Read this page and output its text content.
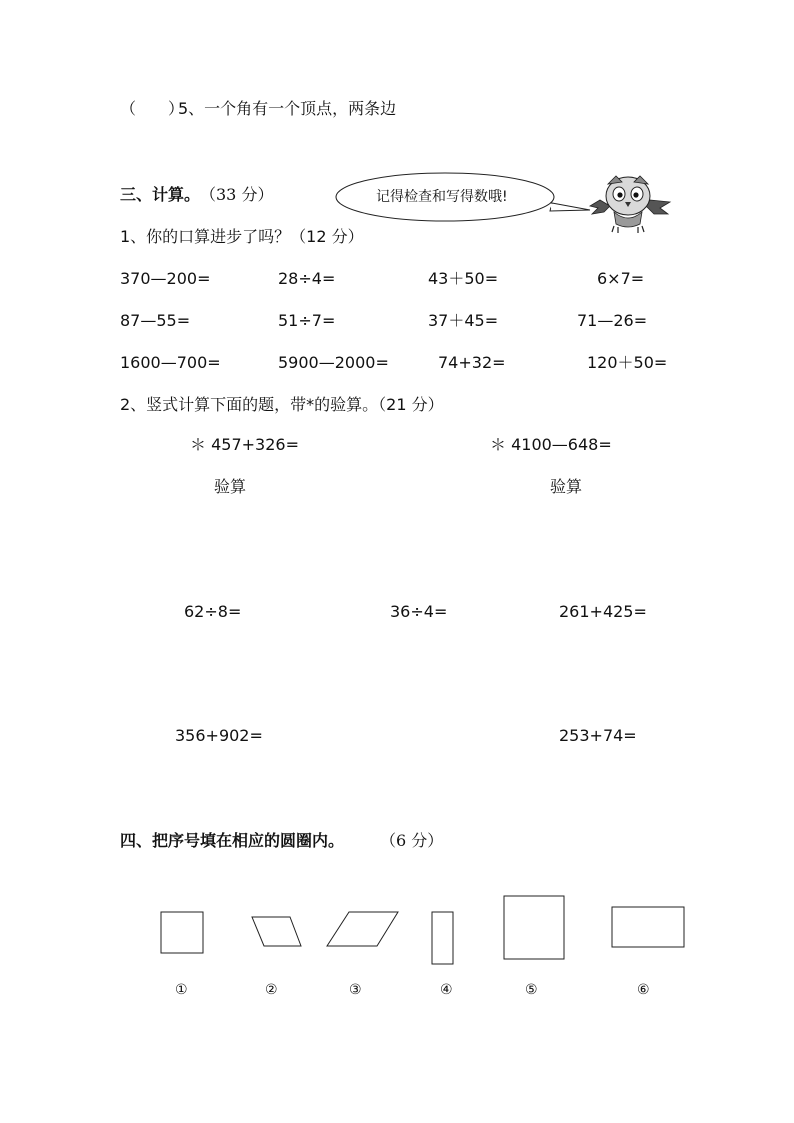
（　　）
5、一个角有一个顶点，两条边
三、计算。 （33 分）	记得检查和写得数哦!
1、你的口算进步了吗？（12 分）
370—200=	28÷4=	43＋50=	6×7=
87—55=	51÷7=	37＋45=	71—26=
1600—700=	5900—2000=	74+32=	120＋50=
2、竖式计算下面的题，带*的验算。（21 分）
＊ 457+326=	＊ 4100—648=
验算	验算
62÷8=	36÷4=	261+425=
356+902=	253+74=
四、把序号填在相应的圆圈内。 （6 分）
①	②	③	④	⑤	⑥
